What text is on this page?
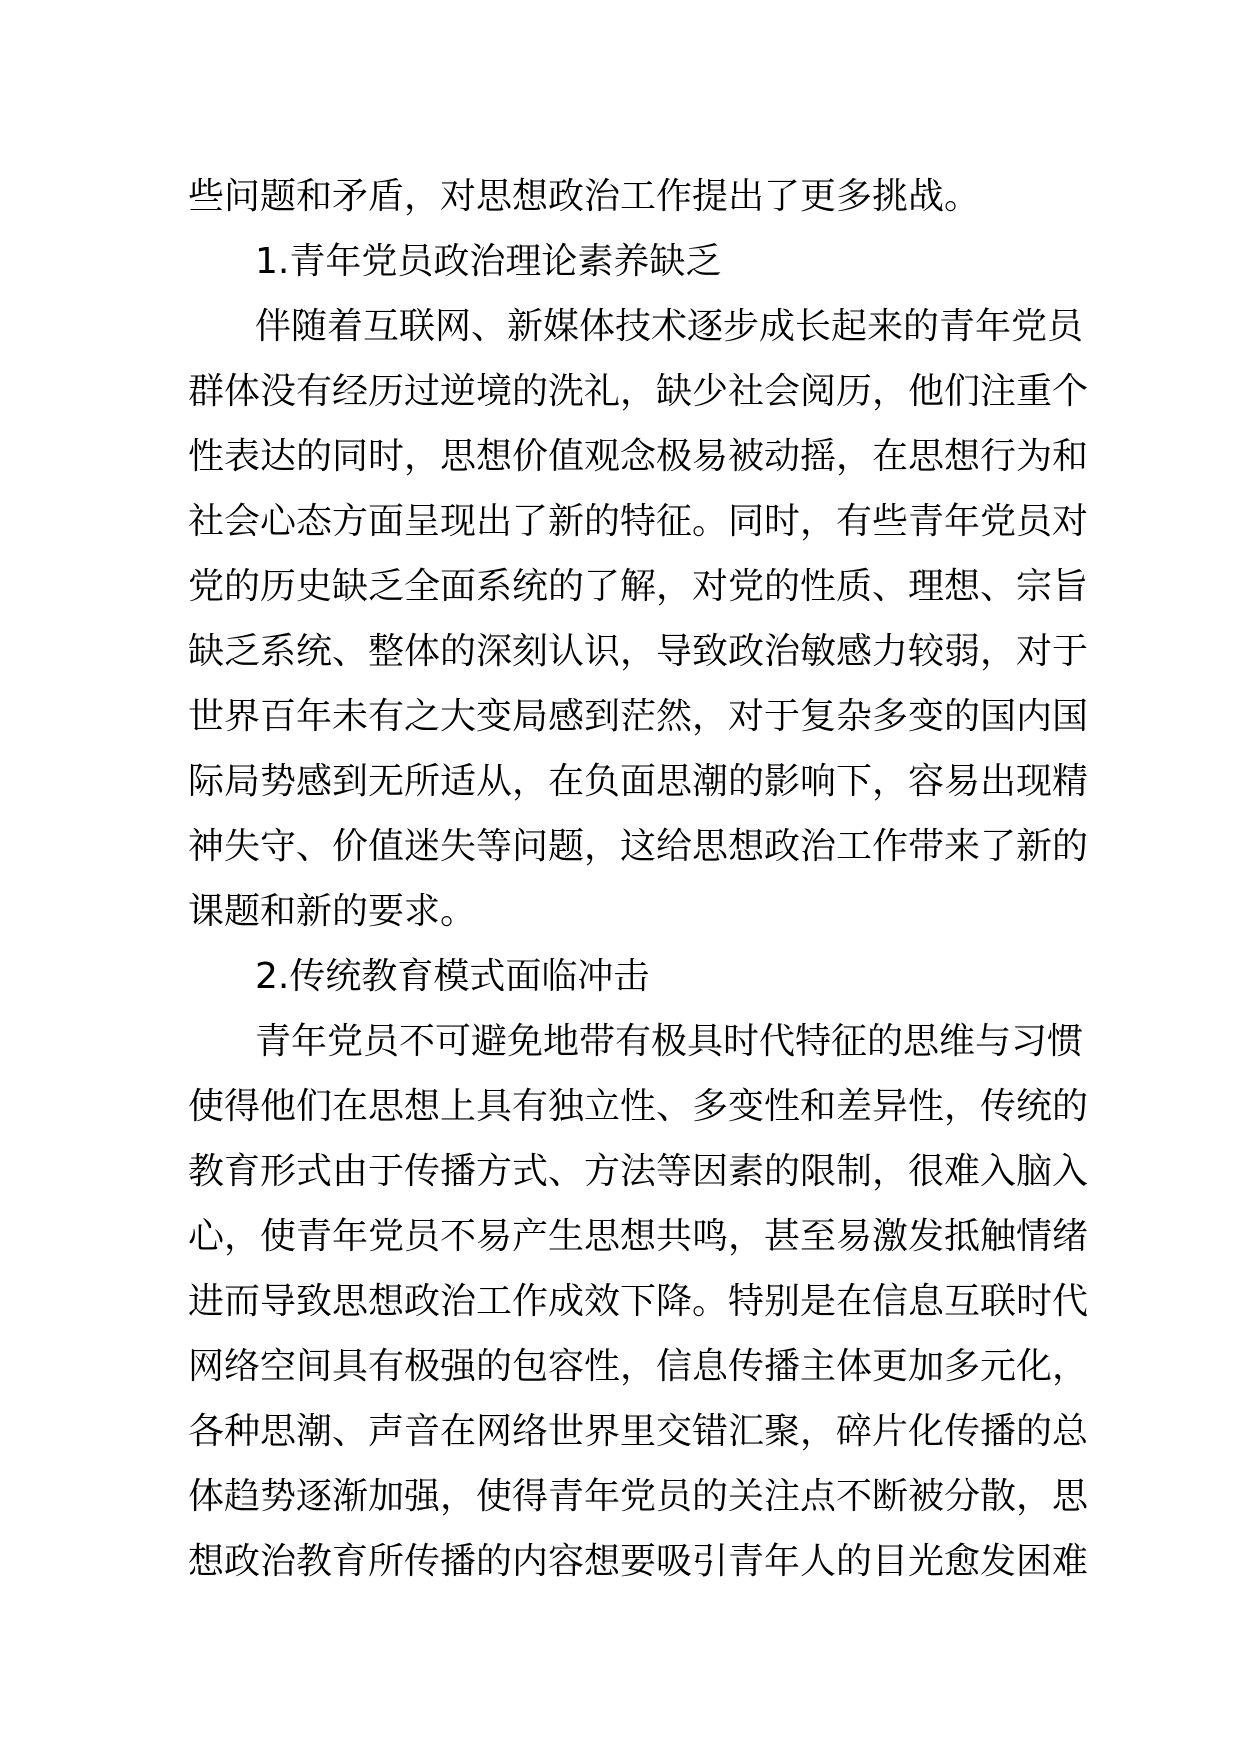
些问题和矛盾，对思想政治工作提出了更多挑战。
1.青年党员政治理论素养缺乏
伴随着互联网、新媒体技术逐步成长起来的青年党员
群体没有经历过逆境的洗礼，缺少社会阅历，他们注重个
性表达的同时，思想价值观念极易被动摇，在思想行为和
社会心态方面呈现出了新的特征。同时，有些青年党员对
党的历史缺乏全面系统的了解，对党的性质、理想、宗旨
缺乏系统、整体的深刻认识，导致政治敏感力较弱，对于
世界百年未有之大变局感到茫然，对于复杂多变的国内国
际局势感到无所适从，在负面思潮的影响下，容易出现精
神失守、价值迷失等问题，这给思想政治工作带来了新的
课题和新的要求。
2.传统教育模式面临冲击
青年党员不可避免地带有极具时代特征的思维与习惯
使得他们在思想上具有独立性、多变性和差异性，传统的
教育形式由于传播方式、方法等因素的限制，很难入脑入
心，使青年党员不易产生思想共鸣，甚至易激发抵触情绪
进而导致思想政治工作成效下降。特别是在信息互联时代
网络空间具有极强的包容性，信息传播主体更加多元化，
各种思潮、声音在网络世界里交错汇聚，碎片化传播的总
体趋势逐渐加强，使得青年党员的关注点不断被分散，思
想政治教育所传播的内容想要吸引青年人的目光愈发困难
